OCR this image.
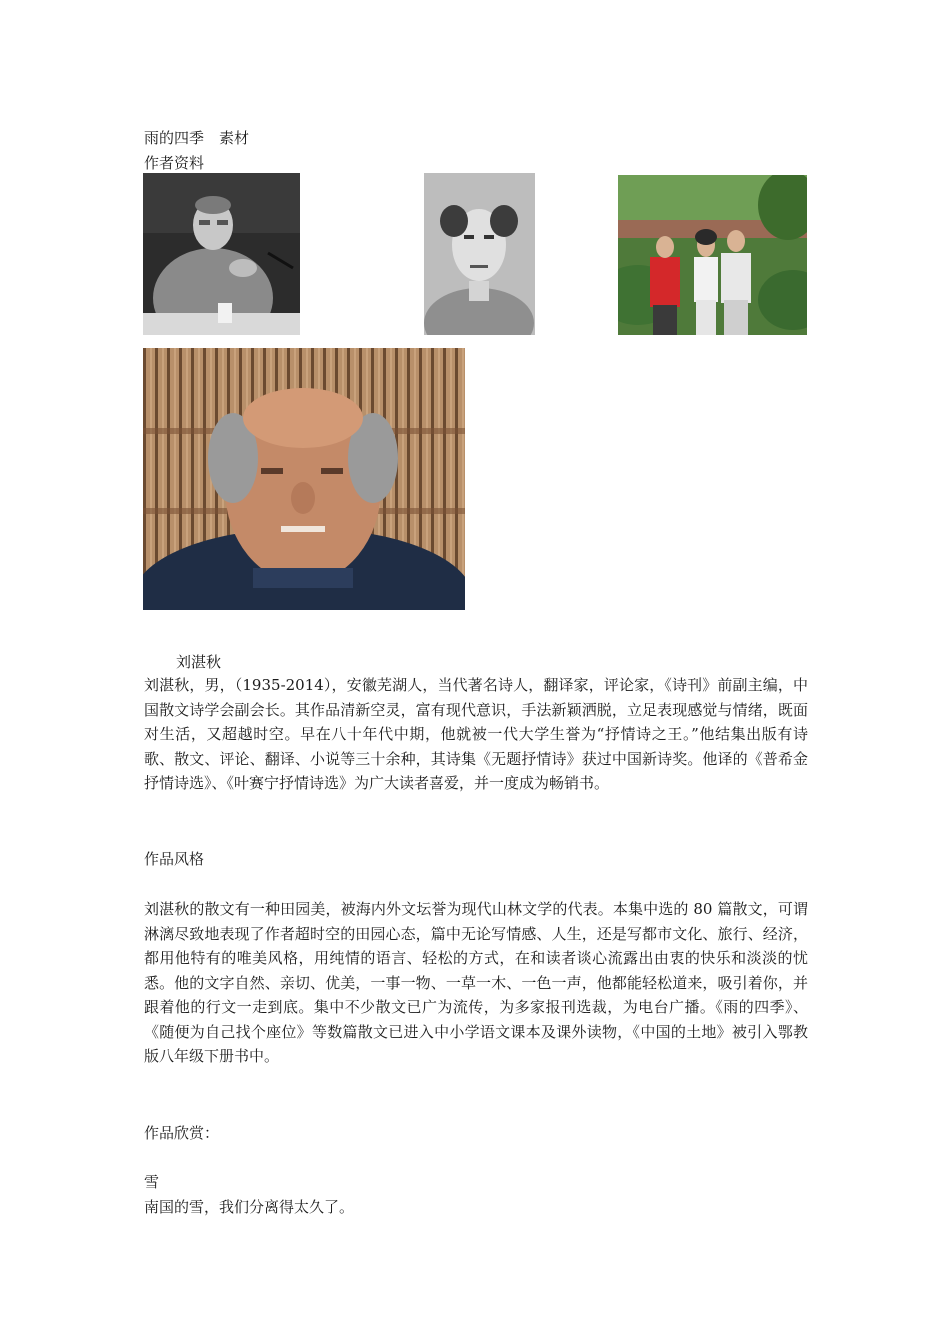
雨的四季　素材
作者资料
刘湛秋
刘湛秋，男，（1935-2014），安徽芜湖人，当代著名诗人，翻译家，评论家，《诗刊》前副主编，中国散文诗学会副会长。其作品清新空灵，富有现代意识，手法新颖洒脱，立足表现感觉与情绪，既面对生活，又超越时空。早在八十年代中期，他就被一代大学生誉为“抒情诗之王。”他结集出版有诗歌、散文、评论、翻译、小说等三十余种，其诗集《无题抒情诗》获过中国新诗奖。他译的《普希金抒情诗选》、《叶赛宁抒情诗选》为广大读者喜爱，并一度成为畅销书。
作品风格
刘湛秋的散文有一种田园美，被海内外文坛誉为现代山林文学的代表。本集中选的 80 篇散文，可谓淋漓尽致地表现了作者超时空的田园心态，篇中无论写情感、人生，还是写都市文化、旅行、经济，都用他特有的唯美风格，用纯情的语言、轻松的方式，在和读者谈心流露出由衷的快乐和淡淡的忧悉。他的文字自然、亲切、优美，一事一物、一草一木、一色一声，他都能轻松道来，吸引着你，并跟着他的行文一走到底。集中不少散文已广为流传，为多家报刊选裁，为电台广播。《雨的四季》、《随便为自己找个座位》等数篇散文已进入中小学语文课本及课外读物，《中国的土地》被引入鄂教版八年级下册书中。
作品欣赏：
雪
南国的雪，我们分离得太久了。
